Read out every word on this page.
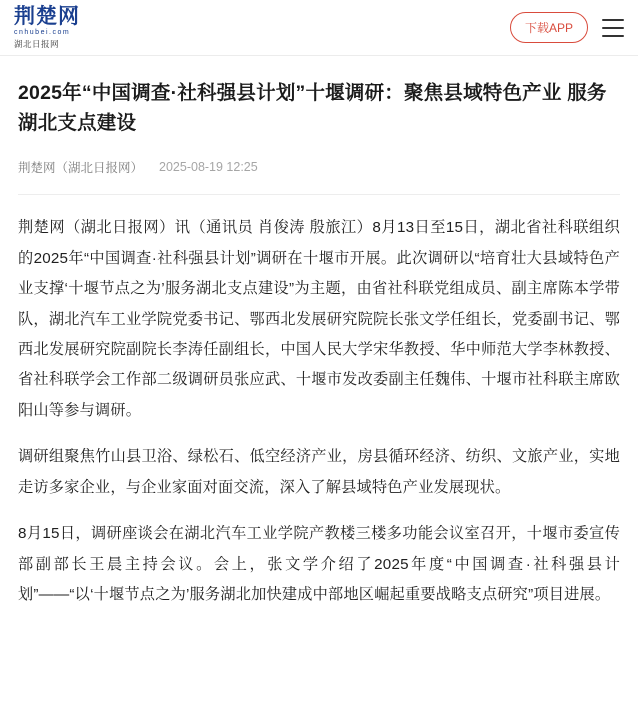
荆楚网
cnhubei.com
湖北日报网
下载APP
2025年“中国调查·社科强县计划”十堰调研：聚焦县域特色产业 服务湖北支点建设
荆楚网（湖北日报网） 2025-08-19 12:25

荆楚网（湖北日报网）讯（通讯员 肖俊涛 殷旅江）8月13日至15日，湖北省社科联组织的2025年“中国调查·社科强县计划”调研在十堰市开展。此次调研以“培育壮大县域特色产业支撑‘十堰节点之为’服务湖北支点建设”为主题，由省社科联党组成员、副主席陈本学带队，湖北汽车工业学院党委书记、鄂西北发展研究院院长张文学任组长，党委副书记、鄂西北发展研究院副院长李涛任副组长，中国人民大学宋华教授、华中师范大学李林教授、省社科联学会工作部二级调研员张应武、十堰市发改委副主任魏伟、十堰市社科联主席欧阳山等参与调研。

调研组聚焦竹山县卫浴、绿松石、低空经济产业，房县循环经济、纺织、文旅产业，实地走访多家企业，与企业家面对面交流，深入了解县域特色产业发展现状。

8月15日，调研座谈会在湖北汽车工业学院产教楼三楼多功能会议室召开，十堰市委宣传部副部长王晨主持会议。会上，张文学介绍了2025年度“中国调查·社科强县计划”——“以‘十堰节点之为’服务湖北加快建成中部地区崛起重要战略支点研究”项目进展。
